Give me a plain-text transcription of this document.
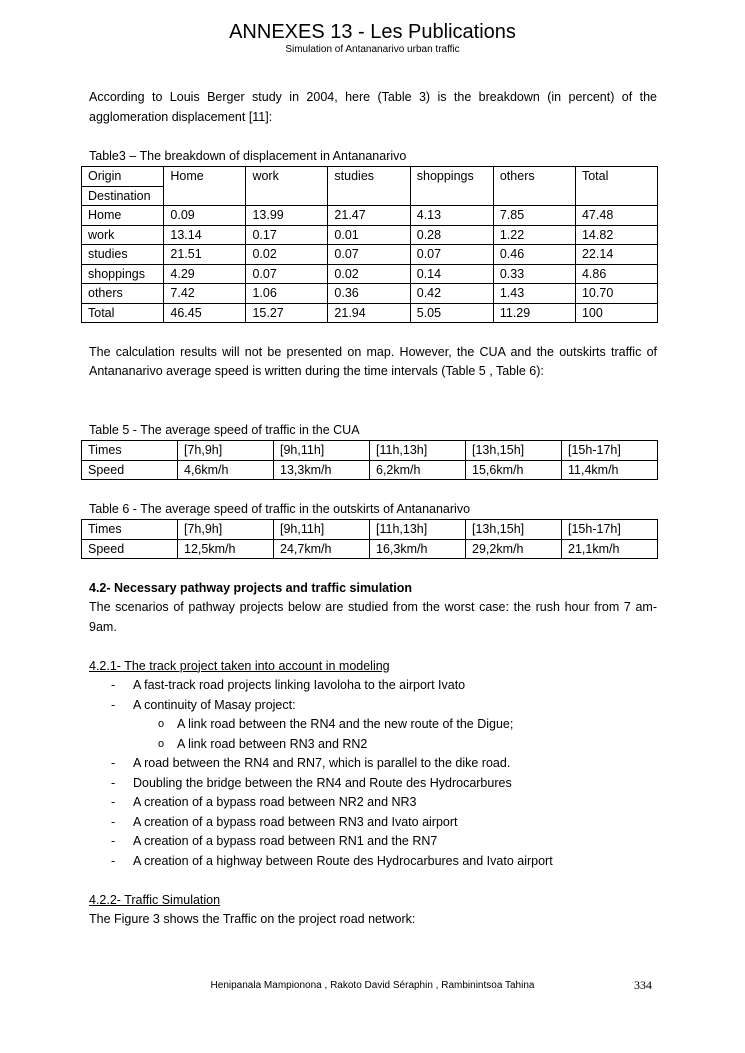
ANNEXES 13 - Les Publications
Simulation of Antananarivo urban traffic

According to Louis Berger study in 2004, here (Table 3) is the breakdown (in percent) of the agglomeration displacement [11]:

Table3 – The breakdown of displacement in Antananarivo

Origin	Home	work	studies	shoppings	others	Total
Destination						
Home	0.09	13.99	21.47	4.13	7.85	47.48
work	13.14	0.17	0.01	0.28	1.22	14.82
studies	21.51	0.02	0.07	0.07	0.46	22.14
shoppings	4.29	0.07	0.02	0.14	0.33	4.86
others	7.42	1.06	0.36	0.42	1.43	10.70
Total	46.45	15.27	21.94	5.05	11.29	100

The calculation results will not be presented on map. However, the CUA and the outskirts traffic of Antananarivo average speed is written during the time intervals (Table 5 , Table 6):

Table 5 - The average speed of traffic in the CUA

Times	[7h,9h]	[9h,11h]	[11h,13h]	[13h,15h]	[15h-17h]
Speed	4,6km/h	13,3km/h	6,2km/h	15,6km/h	11,4km/h

Table 6 - The average speed of traffic in the outskirts of Antananarivo

Times	[7h,9h]	[9h,11h]	[11h,13h]	[13h,15h]	[15h-17h]
Speed	12,5km/h	24,7km/h	16,3km/h	29,2km/h	21,1km/h

4.2- Necessary pathway projects and traffic simulation

The scenarios of pathway projects below are studied from the worst case: the rush hour from 7 am-9am.

4.2.1- The track project taken into account in modeling

- A fast-track road projects linking Iavoloha to the airport Ivato
- A continuity of Masay project:
o A link road between the RN4 and the new route of the Digue;
o A link road between RN3 and RN2
- A road between the RN4 and RN7, which is parallel to the dike road.
- Doubling the bridge between the RN4 and Route des Hydrocarbures
- A creation of a bypass road between NR2 and NR3
- A creation of a bypass road between RN3 and Ivato airport
- A creation of a bypass road between RN1 and the RN7
- A creation of a highway between Route des Hydrocarbures and Ivato airport

4.2.2- Traffic Simulation

The Figure 3 shows the Traffic on the project road network:

Henipanala Mampionona , Rakoto David Séraphin , Rambinintsoa Tahina	334
